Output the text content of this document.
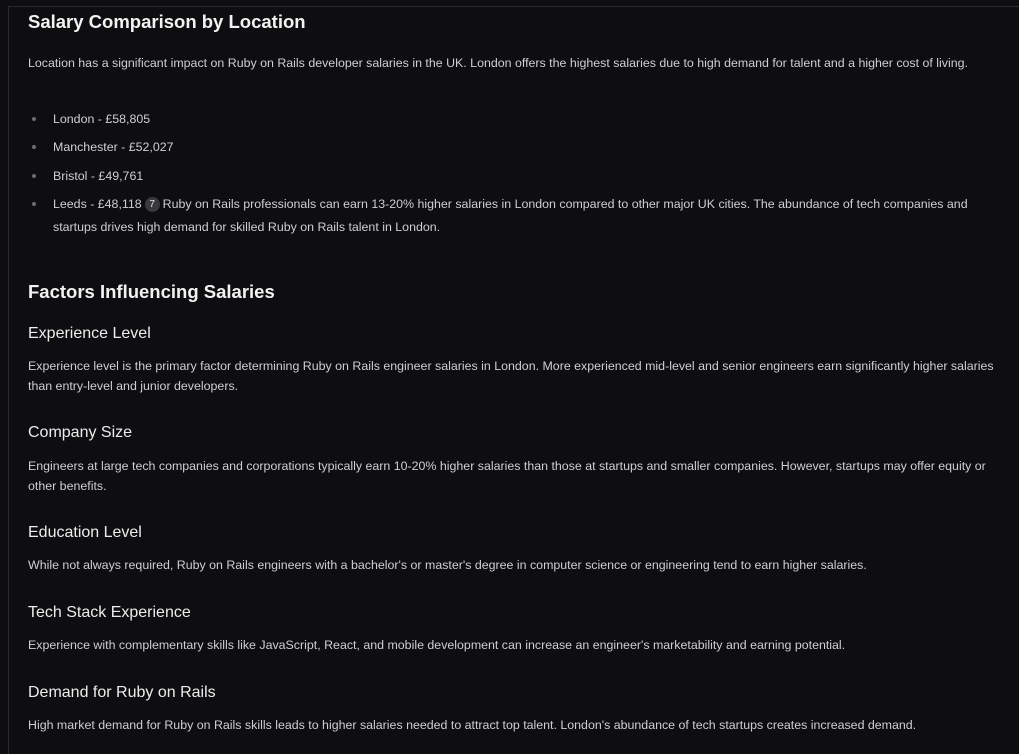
Salary Comparison by Location

Location has a significant impact on Ruby on Rails developer salaries in the UK. London offers the highest salaries due to high demand for talent and a higher cost of living.

London - £58,805
Manchester - £52,027
Bristol - £49,761
Leeds - £48,118 7 Ruby on Rails professionals can earn 13-20% higher salaries in London compared to other major UK cities. The abundance of tech companies and startups drives high demand for skilled Ruby on Rails talent in London.
Factors Influencing Salaries
Experience Level

Experience level is the primary factor determining Ruby on Rails engineer salaries in London. More experienced mid-level and senior engineers earn significantly higher salaries than entry-level and junior developers.

Company Size

Engineers at large tech companies and corporations typically earn 10-20% higher salaries than those at startups and smaller companies. However, startups may offer equity or other benefits.

Education Level

While not always required, Ruby on Rails engineers with a bachelor's or master's degree in computer science or engineering tend to earn higher salaries.

Tech Stack Experience

Experience with complementary skills like JavaScript, React, and mobile development can increase an engineer's marketability and earning potential.

Demand for Ruby on Rails

High market demand for Ruby on Rails skills leads to higher salaries needed to attract top talent. London's abundance of tech startups creates increased demand.
